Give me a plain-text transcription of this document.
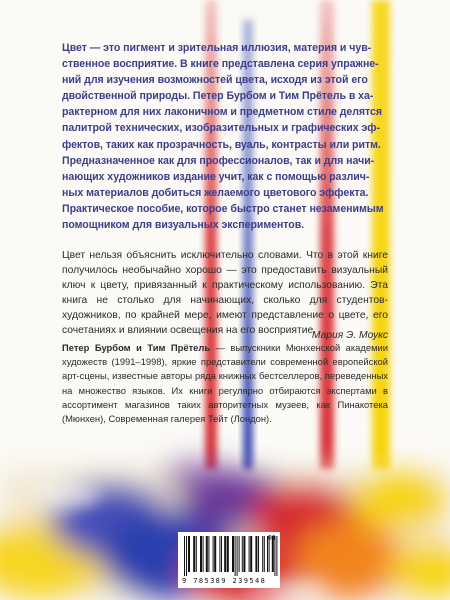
Цвет — это пигмент и зрительная иллюзия, материя и чув-
ственное восприятие. В книге представлена серия упражне-
ний для изучения возможностей цвета, исходя из этой его
двойственной природы. Петер Бурбом и Тим Прётель в ха-
рактерном для них лаконичном и предметном стиле делятся
палитрой технических, изобразительных и графических эф-
фектов, таких как прозрачность, вуаль, контрасты или ритм.
Предназначенное как для профессионалов, так и для начи-
нающих художников издание учит, как с помощью различ-
ных материалов добиться желаемого цветового эффекта.
Практическое пособие, которое быстро станет незаменимым
помощником для визуальных экспериментов.

Цвет нельзя объяснить исключительно словами. Что в этой книге получилось необычайно хорошо — это предоставить визуальный ключ к цвету, привязанный к практическому использованию. Эта книга не столько для начинающих, сколько для студентов-художников, по крайней мере, имеют представление о цвете, его сочетаниях и влиянии освещения на его восприятие.

Мария Э. Моукс

Петер Бурбом и Тим Прётель — выпускники Мюнхенской академии художеств (1991–1998), яркие представители современной европейской арт-сцены, известные авторы ряда книжных бестселлеров, переведенных на множество языков. Их книги регулярно отбираются экспертами в ассортимент магазинов таких авторитетных музеев, как Пинакотека (Мюнхен), Современная галерея Тейт (Лондон).

01
9 785389 239548
